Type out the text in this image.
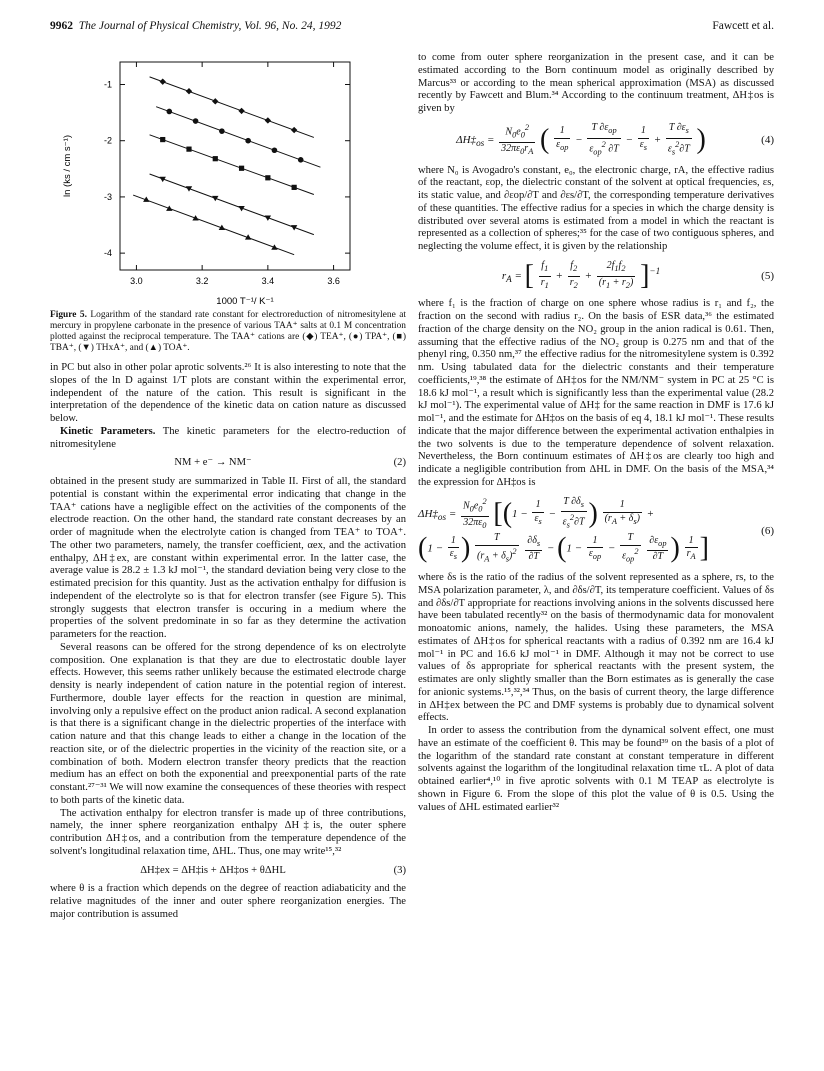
9962 The Journal of Physical Chemistry, Vol. 96, No. 24, 1992	Fawcett et al.
3.0	3.2	3.4	3.6
-1
-2
-3
-4
1000 T⁻¹/ K⁻¹
ln (ks / cm s⁻¹)

Figure 5. Logarithm of the standard rate constant for electroreduction of nitromesitylene at mercury in propylene carbonate in the presence of various TAA⁺ salts at 0.1 M concentration plotted against the reciprocal temperature. The TAA⁺ cations are (◆) TEA⁺, (●) TPA⁺, (■) TBA⁺, (▼) THxA⁺, and (▲) TOA⁺.

in PC but also in other polar aprotic solvents.²⁶ It is also interesting to note that the slopes of the ln D against 1/T plots are constant within the experimental error, independent of the nature of the cation. This result is significant in the interpretation of the dependence of the kinetic data on cation nature as discussed below.

Kinetic Parameters. The kinetic parameters for the electro-reduction of nitromesitylene

NM + e⁻ → NM⁻	(2)

obtained in the present study are summarized in Table II. First of all, the standard potential is constant within the experimental error indicating that change in the TAA⁺ cations have a negligible effect on the activities of the components of the electrode reaction. On the other hand, the standard rate constant decreases by an order of magnitude when the electrolyte cation is changed from TEA⁺ to TOA⁺. The other two parameters, namely, the transfer coefficient, αex, and the activation enthalpy, ΔH‡ex, are constant within experimental error. In the latter case, the average value is 28.2 ± 1.3 kJ mol⁻¹, the standard deviation being very close to the estimated precision for this quantity. Just as the activation enthalpy for diffusion is independent of the electrolyte so is that for electron transfer (see Figure 5). This strongly suggests that electron transfer is occuring in a medium where the properties of the solvent predominate in so far as they determine the activation parameters for the reaction.

Several reasons can be offered for the strong dependence of ks on electrolyte composition. One explanation is that they are due to electrostatic double layer effects. However, this seems rather unlikely because the estimated electrode charge density is nearly independent of cation nature in the potential region of interest. Furthermore, double layer effects for the reaction in question are minimal, involving only a repulsive effect on the product anion radical. A second explanation is that there is a significant change in the dielectric properties of the interface with cation nature and that this change leads to either a change in the location of the reaction site, or of the dielectric properties in the vicinity of the reaction site, or a combination of both. Modern electron transfer theory predicts that the reaction medium has an effect on both the exponential and preexponential parts of the rate constant.²⁷⁻³¹ We will now examine the consequences of these theories with respect to both parts of the kinetic data.

The activation enthalpy for electron transfer is made up of three contributions, namely, the inner sphere reorganization enthalpy ΔH‡is, the outer sphere contribution ΔH‡os, and a contribution from the temperature dependence of the solvent's longitudinal relaxation time, ΔHL. Thus, one may write¹⁵,³²

ΔH‡ex = ΔH‡is + ΔH‡os + θΔHL	(3)

where θ is a fraction which depends on the degree of reaction adiabaticity and the relative magnitudes of the inner and outer sphere reorganization energies. The major contribution is assumed

to come from outer sphere reorganization in the present case, and it can be estimated according to the Born continuum model as originally described by Marcus³³ or according to the mean spherical approximation (MSA) as discussed recently by Fawcett and Blum.³⁴ According to the continuum treatment, ΔH‡os is given by

$\Delta H\ddagger_{os} = \frac{N_0e_0^2}{32\pi\varepsilon_0r_A}$ ( $\frac{1}{\varepsilon_{op}} - \frac{T \partial\varepsilon_{op}}{\varepsilon_{op}^2 \partial T} - \frac{1}{\varepsilon_s} + \frac{T \partial\varepsilon_s}{\varepsilon_s^2\partial T}$ )	(4)

where N₀ is Avogadro's constant, e₀, the electronic charge, rA, the effective radius of the reactant, εop, the dielectric constant of the solvent at optical frequencies, εs, its static value, and ∂εop/∂T and ∂εs/∂T, the corresponding temperature derivatives of these quantities. The effective radius for a species in which the charge density is distributed over several atoms is estimated from a model in which the reactant is represented as a collection of spheres;³⁵ for the case of two contiguous spheres, and neglecting the volume effect, it is given by the relationship

$r_A$ = [ $\frac{f_1}{r_1} + \frac{f_2}{r_2} + \frac{2f_1f_2}{(r_1 + r_2)} ]^{-1}$	(5)

where f₁ is the fraction of charge on one sphere whose radius is r₁ and f₂, the fraction on the second with radius r₂. On the basis of ESR data,³⁶ the estimated fraction of the charge density on the NO₂ group in the anion radical is 0.61. Then, assuming that the effective radius of the NO₂ group is 0.275 nm and that of the phenyl ring, 0.350 nm,³⁷ the effective radius for the nitromesitylene system is 0.392 nm. Using tabulated data for the dielectric constants and their temperature coefficients,¹⁹,³⁸ the estimate of ΔH‡os for the NM/NM⁻ system in PC at 25 °C is 18.6 kJ mol⁻¹, a result which is significantly less than the experimental value (28.2 kJ mol⁻¹). The experimental value of ΔH‡ for the same reaction in DMF is 17.6 kJ mol⁻¹, and the estimate for ΔH‡os on the basis of eq 4, 18.1 kJ mol⁻¹. These results indicate that the major difference between the experimental activation enthalpies in the two solvents is due to the temperature dependence of solvent relaxation. Nevertheless, the Born continuum estimates of ΔH‡os are clearly too high and indicate a negligible contribution from ΔHL in DMF. On the basis of the MSA,³⁴ the expression for ΔH‡os is

$\Delta H\ddagger_{os} = \frac{N_0e_0^2}{32\pi\varepsilon_0} [(1 - \frac{1}{\varepsilon_s} - \frac{T \partial\delta_s}{\varepsilon_s^2\partial T}$ ) $\frac{1}{(r_A + \delta_s)}$ +
($1 - \frac{1}{\varepsilon_s}$ ) $\frac{T}{(r_A + \delta_s)^2}$
$\frac{\partial\delta_s}{\partial T} - (1 - \frac{1}{\varepsilon_{op}} - \frac{T}{\varepsilon_{op}^2}$
$\frac{\partial\varepsilon_{op}}{\partial T}$ ) $\frac{1}{r_A}$ ]
(6)

where δs is the ratio of the radius of the solvent represented as a sphere, rs, to the MSA polarization parameter, λ, and ∂δs/∂T, its temperature coefficient. Values of δs and ∂δs/∂T appropriate for reactions involving anions in the solvents discussed here have been tabulated recently³² on the basis of thermodynamic data for monovalent monoatomic anions, namely, the halides. Using these parameters, the MSA estimates of ΔH‡os for spherical reactants with a radius of 0.392 nm are 16.4 kJ mol⁻¹ in PC and 16.6 kJ mol⁻¹ in DMF. Although it may not be correct to use values of δs appropriate for spherical reactants with the present system, the estimates are only slightly smaller than the Born estimates as is generally the case for anionic systems.¹⁵,³²,³⁴ Thus, on the basis of current theory, the large difference in ΔH‡ex between the PC and DMF systems is probably due to dynamical solvent effects.

In order to assess the contribution from the dynamical solvent effect, one must have an estimate of the coefficient θ. This may be found³⁹ on the basis of a plot of the logarithm of the standard rate constant at constant temperature in different solvents against the logarithm of the longitudinal relaxation time τL. A plot of data obtained earlier⁴,¹⁰ in five aprotic solvents with 0.1 M TEAP as electrolyte is shown in Figure 6. From the slope of this plot the value of θ is 0.5. Using the values of ΔHL estimated earlier³²
